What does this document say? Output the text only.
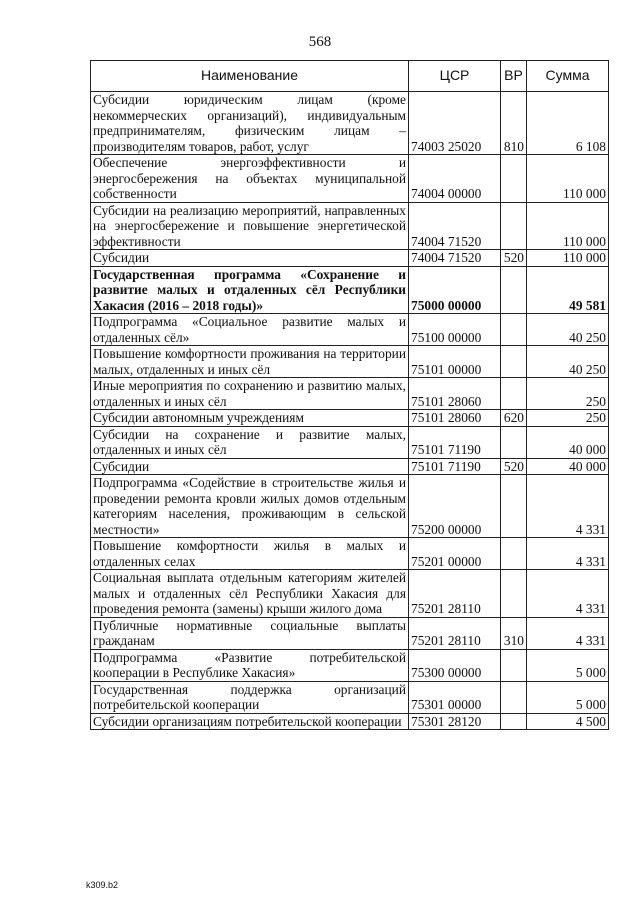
568
Наименование	ЦСР	ВР	Сумма
Субсидии юридическим лицам (кроме некоммерческих организаций), индивидуальным предпринимателям, физическим лицам – производителям товаров, работ, услуг	74003 25020	810	6 108
Обеспечение энергоэффективности и энергосбережения на объектах муниципальной собственности	74004 00000		110 000
Субсидии на реализацию мероприятий, направленных на энергосбережение и повышение энергетической эффективности	74004 71520		110 000
Субсидии	74004 71520	520	110 000
Государственная программа «Сохранение и развитие малых и отдаленных сёл Республики Хакасия (2016 – 2018 годы)»	75000 00000		49 581
Подпрограмма «Социальное развитие малых и отдаленных сёл»	75100 00000		40 250
Повышение комфортности проживания на территории малых, отдаленных и иных сёл	75101 00000		40 250
Иные мероприятия по сохранению и развитию малых, отдаленных и иных сёл	75101 28060		250
Субсидии автономным учреждениям	75101 28060	620	250
Субсидии на сохранение и развитие малых, отдаленных и иных сёл	75101 71190		40 000
Субсидии	75101 71190	520	40 000
Подпрограмма «Содействие в строительстве жилья и проведении ремонта кровли жилых домов отдельным категориям населения, проживающим в сельской местности»	75200 00000		4 331
Повышение комфортности жилья в малых и отдаленных селах	75201 00000		4 331
Социальная выплата отдельным категориям жителей малых и отдаленных сёл Республики Хакасия для проведения ремонта (замены) крыши жилого дома	75201 28110		4 331
Публичные нормативные социальные выплаты гражданам	75201 28110	310	4 331
Подпрограмма «Развитие потребительской кооперации в Республике Хакасия»	75300 00000		5 000
Государственная поддержка организаций потребительской кооперации	75301 00000		5 000
Субсидии организациям потребительской кооперации	75301 28120		4 500
k309.b2
